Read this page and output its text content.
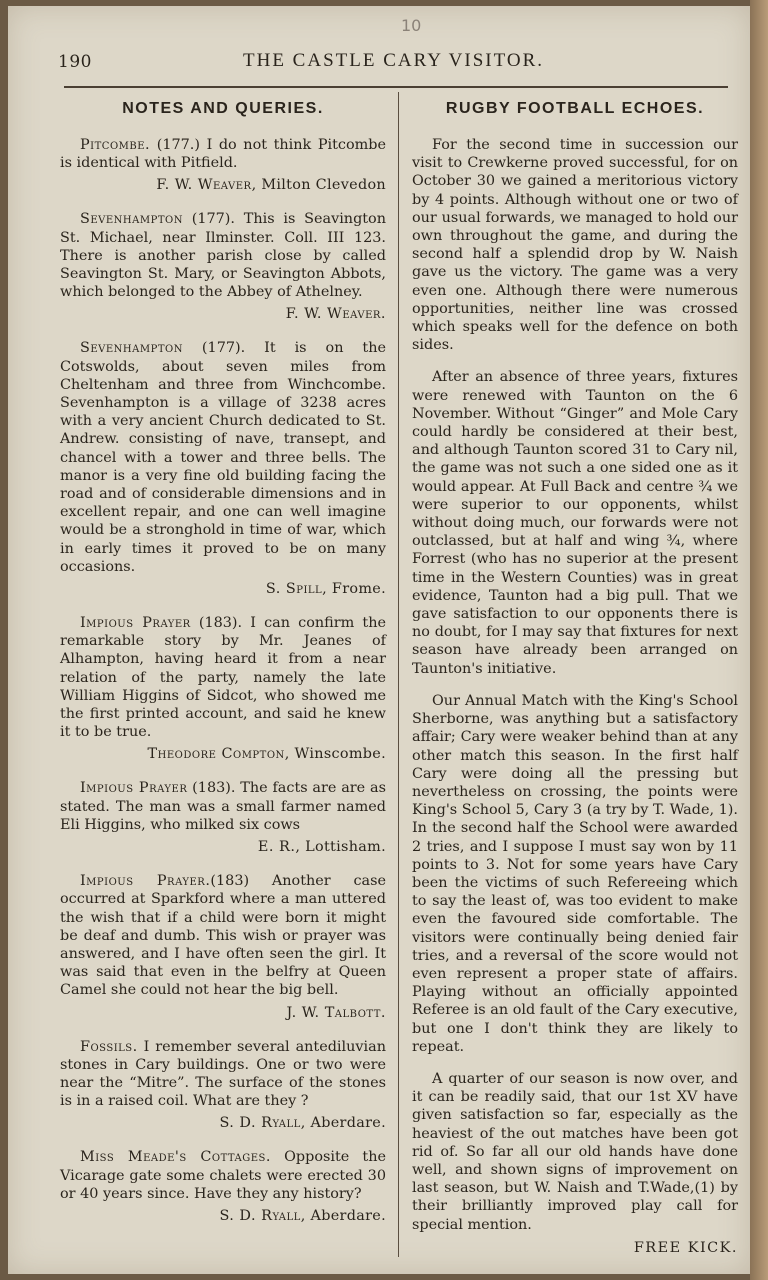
10
190	THE CASTLE CARY VISITOR.
NOTES AND QUERIES.

Pitcombe. (177.) I do not think Pitcombe is identical with Pitfield.

F. W. Weaver, Milton Clevedon

Sevenhampton (177). This is Seavington St. Michael, near Ilminster. Coll. III 123. There is another parish close by called Seavington St. Mary, or Seavington Abbots, which belonged to the Abbey of Athelney.

F. W. Weaver.

Sevenhampton (177). It is on the Cotswolds, about seven miles from Cheltenham and three from Winchcombe. Sevenhampton is a village of 3238 acres with a very ancient Church dedicated to St. Andrew. consisting of nave, transept, and chancel with a tower and three bells. The manor is a very fine old building facing the road and of considerable dimensions and in excellent repair, and one can well imagine would be a stronghold in time of war, which in early times it proved to be on many occasions.

S. Spill, Frome.

Impious Prayer (183). I can confirm the remarkable story by Mr. Jeanes of Alhampton, having heard it from a near relation of the party, namely the late William Higgins of Sidcot, who showed me the first printed account, and said he knew it to be true.

Theodore Compton, Winscombe.

Impious Prayer (183). The facts are are as stated. The man was a small farmer named Eli Higgins, who milked six cows

E. R., Lottisham.

Impious Prayer.(183) Another case occurred at Sparkford where a man uttered the wish that if a child were born it might be deaf and dumb. This wish or prayer was answered, and I have often seen the girl. It was said that even in the belfry at Queen Camel she could not hear the big bell.

J. W. Talbott.

Fossils. I remember several antediluvian stones in Cary buildings. One or two were near the “Mitre”. The surface of the stones is in a raised coil. What are they ?

S. D. Ryall, Aberdare.

Miss Meade's Cottages. Opposite the Vicarage gate some chalets were erected 30 or 40 years since. Have they any history?

S. D. Ryall, Aberdare.
RUGBY FOOTBALL ECHOES.

For the second time in succession our visit to Crewkerne proved successful, for on October 30 we gained a meritorious victory by 4 points. Although without one or two of our usual forwards, we managed to hold our own throughout the game, and during the second half a splendid drop by W. Naish gave us the victory. The game was a very even one. Although there were numerous opportunities, neither line was crossed which speaks well for the defence on both sides.

After an absence of three years, fixtures were renewed with Taunton on the 6 November. Without “Ginger” and Mole Cary could hardly be considered at their best, and although Taunton scored 31 to Cary nil, the game was not such a one sided one as it would appear. At Full Back and centre ¾ we were superior to our opponents, whilst without doing much, our forwards were not outclassed, but at half and wing ¾, where Forrest (who has no superior at the present time in the Western Counties) was in great evidence, Taunton had a big pull. That we gave satisfaction to our opponents there is no doubt, for I may say that fixtures for next season have already been arranged on Taunton's initiative.

Our Annual Match with the King's School Sherborne, was anything but a satisfactory affair; Cary were weaker behind than at any other match this season. In the first half Cary were doing all the pressing but nevertheless on crossing, the points were King's School 5, Cary 3 (a try by T. Wade, 1). In the second half the School were awarded 2 tries, and I suppose I must say won by 11 points to 3. Not for some years have Cary been the victims of such Refereeing which to say the least of, was too evident to make even the favoured side comfortable. The visitors were continually being denied fair tries, and a reversal of the score would not even represent a proper state of affairs. Playing without an officially appointed Referee is an old fault of the Cary executive, but one I don't think they are likely to repeat.

A quarter of our season is now over, and it can be readily said, that our 1st XV have given satisfaction so far, especially as the heaviest of the out matches have been got rid of. So far all our old hands have done well, and shown signs of improvement on last season, but W. Naish and T.Wade,(1) by their brilliantly improved play call for special mention.

FREE KICK.
